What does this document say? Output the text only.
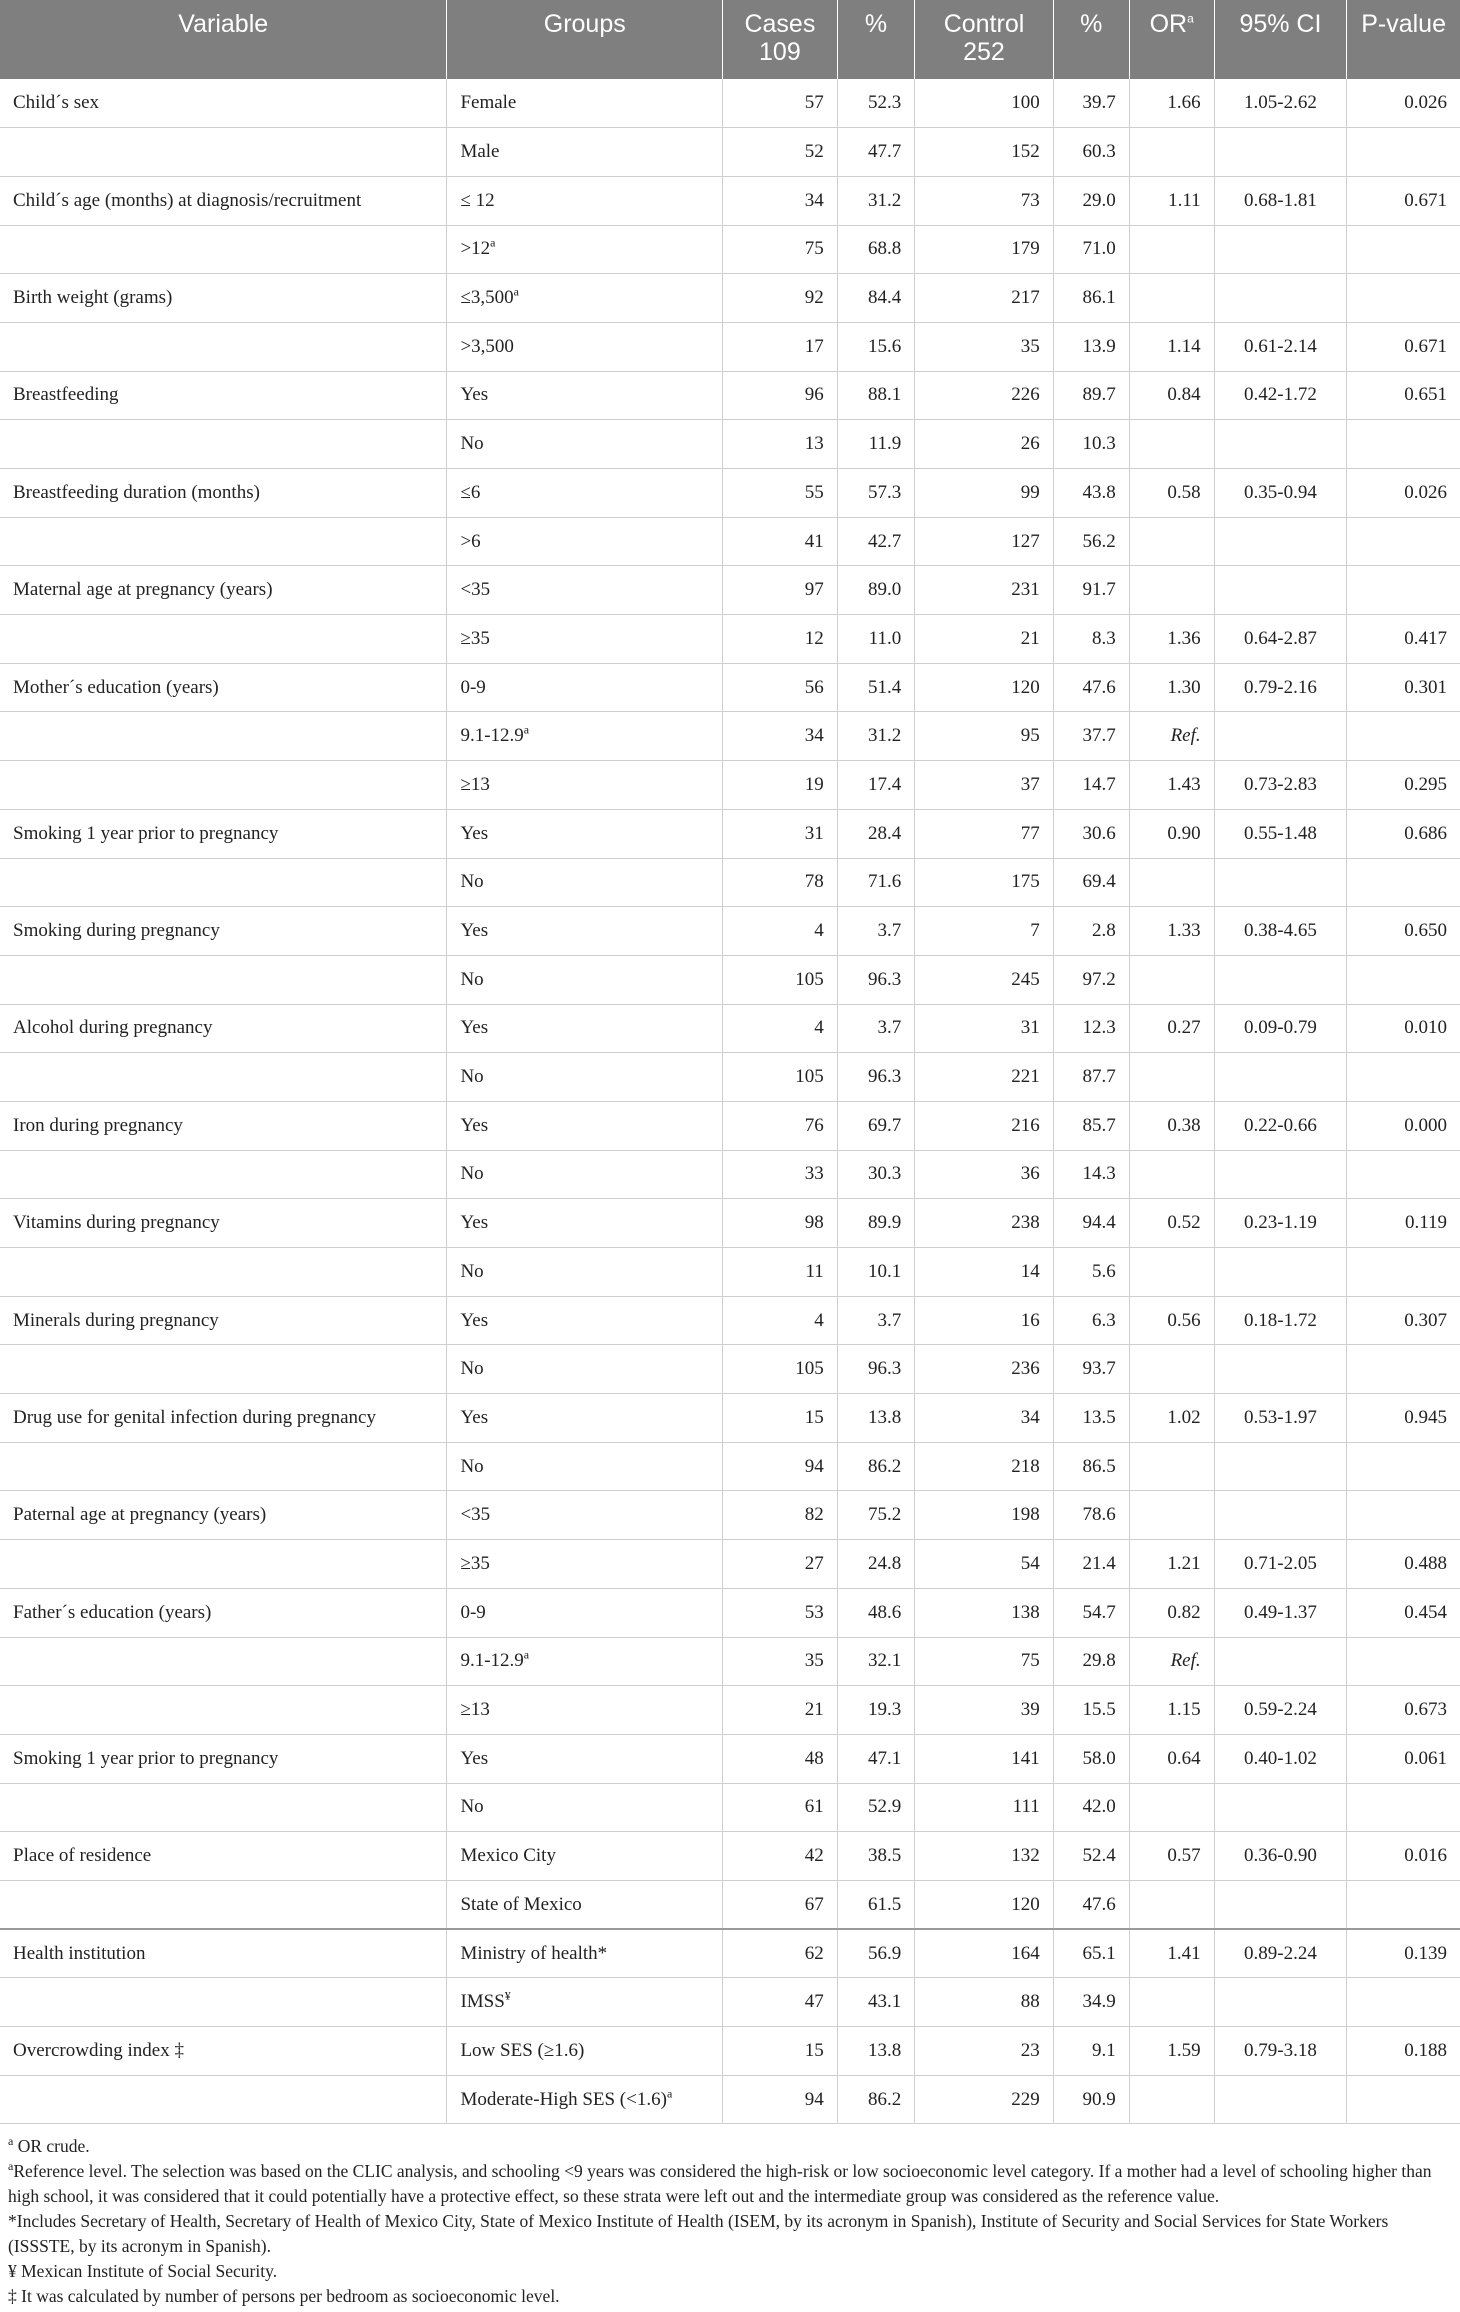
Variable	Groups	Cases 109	%	Control 252	%	$OR^a$	95% CI	P-value
Child´s sex	Female	57	52.3	100	39.7	1.66	1.05-2.62	0.026
	Male	52	47.7	152	60.3			
Child´s age (months) at diagnosis/recruitment	≤ 12	34	31.2	73	29.0	1.11	0.68-1.81	0.671
	$>12^a$	75	68.8	179	71.0			
Birth weight (grams)	≤3,500$^a$	92	84.4	217	86.1			
	>3,500	17	15.6	35	13.9	1.14	0.61-2.14	0.671
Breastfeeding	Yes	96	88.1	226	89.7	0.84	0.42-1.72	0.651
	No	13	11.9	26	10.3			
Breastfeeding duration (months)	≤6	55	57.3	99	43.8	0.58	0.35-0.94	0.026
	>6	41	42.7	127	56.2			
Maternal age at pregnancy (years)	<35	97	89.0	231	91.7			
	≥35	12	11.0	21	8.3	1.36	0.64-2.87	0.417
Mother´s education (years)	0-9	56	51.4	120	47.6	1.30	0.79-2.16	0.301
	9.1-12.9$^a$	34	31.2	95	37.7	Ref.		
	≥13	19	17.4	37	14.7	1.43	0.73-2.83	0.295
Smoking 1 year prior to pregnancy	Yes	31	28.4	77	30.6	0.90	0.55-1.48	0.686
	No	78	71.6	175	69.4			
Smoking during pregnancy	Yes	4	3.7	7	2.8	1.33	0.38-4.65	0.650
	No	105	96.3	245	97.2			
Alcohol during pregnancy	Yes	4	3.7	31	12.3	0.27	0.09-0.79	0.010
	No	105	96.3	221	87.7			
Iron during pregnancy	Yes	76	69.7	216	85.7	0.38	0.22-0.66	0.000
	No	33	30.3	36	14.3			
Vitamins during pregnancy	Yes	98	89.9	238	94.4	0.52	0.23-1.19	0.119
	No	11	10.1	14	5.6			
Minerals during pregnancy	Yes	4	3.7	16	6.3	0.56	0.18-1.72	0.307
	No	105	96.3	236	93.7			
Drug use for genital infection during pregnancy	Yes	15	13.8	34	13.5	1.02	0.53-1.97	0.945
	No	94	86.2	218	86.5			
Paternal age at pregnancy (years)	<35	82	75.2	198	78.6			
	≥35	27	24.8	54	21.4	1.21	0.71-2.05	0.488
Father´s education (years)	0-9	53	48.6	138	54.7	0.82	0.49-1.37	0.454
	9.1-12.9$^a$	35	32.1	75	29.8	Ref.		
	≥13	21	19.3	39	15.5	1.15	0.59-2.24	0.673
Smoking 1 year prior to pregnancy	Yes	48	47.1	141	58.0	0.64	0.40-1.02	0.061
	No	61	52.9	111	42.0			
Place of residence	Mexico City	42	38.5	132	52.4	0.57	0.36-0.90	0.016
	State of Mexico	67	61.5	120	47.6			
Health institution	Ministry of health*	62	56.9	164	65.1	1.41	0.89-2.24	0.139
	IMSS¥	47	43.1	88	34.9			
Overcrowding index ‡	Low SES (≥1.6)	15	13.8	23	9.1	1.59	0.79-3.18	0.188
	Moderate-High SES (<1.6)$^a$	94	86.2	229	90.9			

$^a$ OR crude.

$^a$Reference level. The selection was based on the CLIC analysis, and schooling <9 years was considered the high-risk or low socioeconomic level category. If a mother had a level of schooling higher than high school, it was considered that it could potentially have a protective effect, so these strata were left out and the intermediate group was considered as the reference value.

*Includes Secretary of Health, Secretary of Health of Mexico City, State of Mexico Institute of Health (ISEM, by its acronym in Spanish), Institute of Security and Social Services for State Workers (ISSSTE, by its acronym in Spanish).

¥ Mexican Institute of Social Security.

‡ It was calculated by number of persons per bedroom as socioeconomic level.
